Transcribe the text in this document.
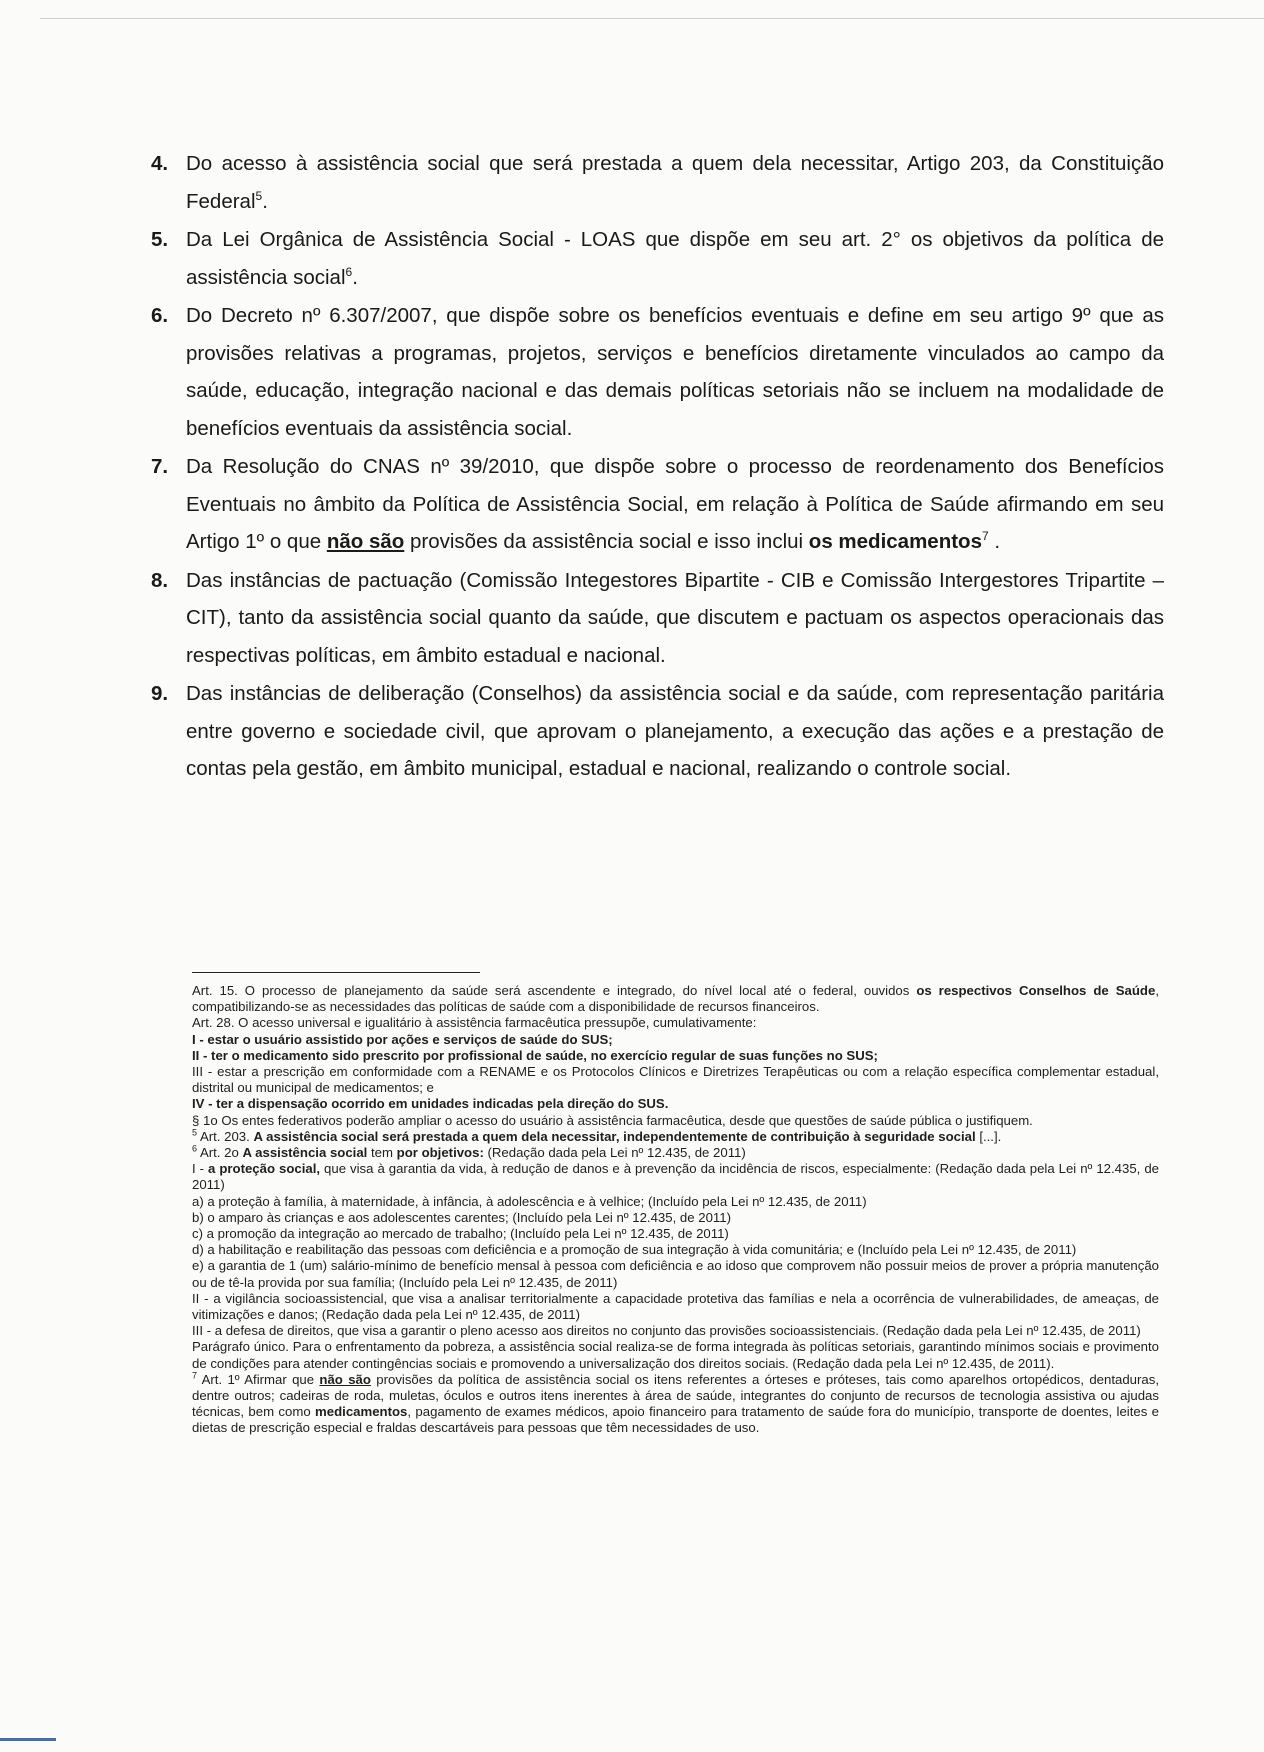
4. Do acesso à assistência social que será prestada a quem dela necessitar, Artigo 203, da Constituição Federal$^5$.
5. Da Lei Orgânica de Assistência Social - LOAS que dispõe em seu art. 2° os objetivos da política de assistência social$^6$.
6. Do Decreto nº 6.307/2007, que dispõe sobre os benefícios eventuais e define em seu artigo 9º que as provisões relativas a programas, projetos, serviços e benefícios diretamente vinculados ao campo da saúde, educação, integração nacional e das demais políticas setoriais não se incluem na modalidade de benefícios eventuais da assistência social.
7. Da Resolução do CNAS nº 39/2010, que dispõe sobre o processo de reordenamento dos Benefícios Eventuais no âmbito da Política de Assistência Social, em relação à Política de Saúde afirmando em seu Artigo 1º o que não são provisões da assistência social e isso inclui os medicamentos$^7$ .
8. Das instâncias de pactuação (Comissão Integestores Bipartite - CIB e Comissão Intergestores Tripartite – CIT), tanto da assistência social quanto da saúde, que discutem e pactuam os aspectos operacionais das respectivas políticas, em âmbito estadual e nacional.
9. Das instâncias de deliberação (Conselhos) da assistência social e da saúde, com representação paritária entre governo e sociedade civil, que aprovam o planejamento, a execução das ações e a prestação de contas pela gestão, em âmbito municipal, estadual e nacional, realizando o controle social.

Art. 15. O processo de planejamento da saúde será ascendente e integrado, do nível local até o federal, ouvidos os respectivos Conselhos de Saúde, compatibilizando-se as necessidades das políticas de saúde com a disponibilidade de recursos financeiros.

Art. 28. O acesso universal e igualitário à assistência farmacêutica pressupõe, cumulativamente:

I - estar o usuário assistido por ações e serviços de saúde do SUS;

II - ter o medicamento sido prescrito por profissional de saúde, no exercício regular de suas funções no SUS;

III - estar a prescrição em conformidade com a RENAME e os Protocolos Clínicos e Diretrizes Terapêuticas ou com a relação específica complementar estadual, distrital ou municipal de medicamentos; e

IV - ter a dispensação ocorrido em unidades indicadas pela direção do SUS.

§ 1o Os entes federativos poderão ampliar o acesso do usuário à assistência farmacêutica, desde que questões de saúde pública o justifiquem.

$^5$ Art. 203. A assistência social será prestada a quem dela necessitar, independentemente de contribuição à seguridade social [...].

$^6$ Art. 2o A assistência social tem por objetivos: (Redação dada pela Lei nº 12.435, de 2011)

I - a proteção social, que visa à garantia da vida, à redução de danos e à prevenção da incidência de riscos, especialmente: (Redação dada pela Lei nº 12.435, de 2011)

a) a proteção à família, à maternidade, à infância, à adolescência e à velhice; (Incluído pela Lei nº 12.435, de 2011)

b) o amparo às crianças e aos adolescentes carentes; (Incluído pela Lei nº 12.435, de 2011)

c) a promoção da integração ao mercado de trabalho; (Incluído pela Lei nº 12.435, de 2011)

d) a habilitação e reabilitação das pessoas com deficiência e a promoção de sua integração à vida comunitária; e (Incluído pela Lei nº 12.435, de 2011)

e) a garantia de 1 (um) salário-mínimo de benefício mensal à pessoa com deficiência e ao idoso que comprovem não possuir meios de prover a própria manutenção ou de tê-la provida por sua família; (Incluído pela Lei nº 12.435, de 2011)

II - a vigilância socioassistencial, que visa a analisar territorialmente a capacidade protetiva das famílias e nela a ocorrência de vulnerabilidades, de ameaças, de vitimizações e danos; (Redação dada pela Lei nº 12.435, de 2011)

III - a defesa de direitos, que visa a garantir o pleno acesso aos direitos no conjunto das provisões socioassistenciais. (Redação dada pela Lei nº 12.435, de 2011)

Parágrafo único. Para o enfrentamento da pobreza, a assistência social realiza-se de forma integrada às políticas setoriais, garantindo mínimos sociais e provimento de condições para atender contingências sociais e promovendo a universalização dos direitos sociais. (Redação dada pela Lei nº 12.435, de 2011).

$^7$ Art. 1º Afirmar que não são provisões da política de assistência social os itens referentes a órteses e próteses, tais como aparelhos ortopédicos, dentaduras, dentre outros; cadeiras de roda, muletas, óculos e outros itens inerentes à área de saúde, integrantes do conjunto de recursos de tecnologia assistiva ou ajudas técnicas, bem como medicamentos, pagamento de exames médicos, apoio financeiro para tratamento de saúde fora do município, transporte de doentes, leites e dietas de prescrição especial e fraldas descartáveis para pessoas que têm necessidades de uso.
